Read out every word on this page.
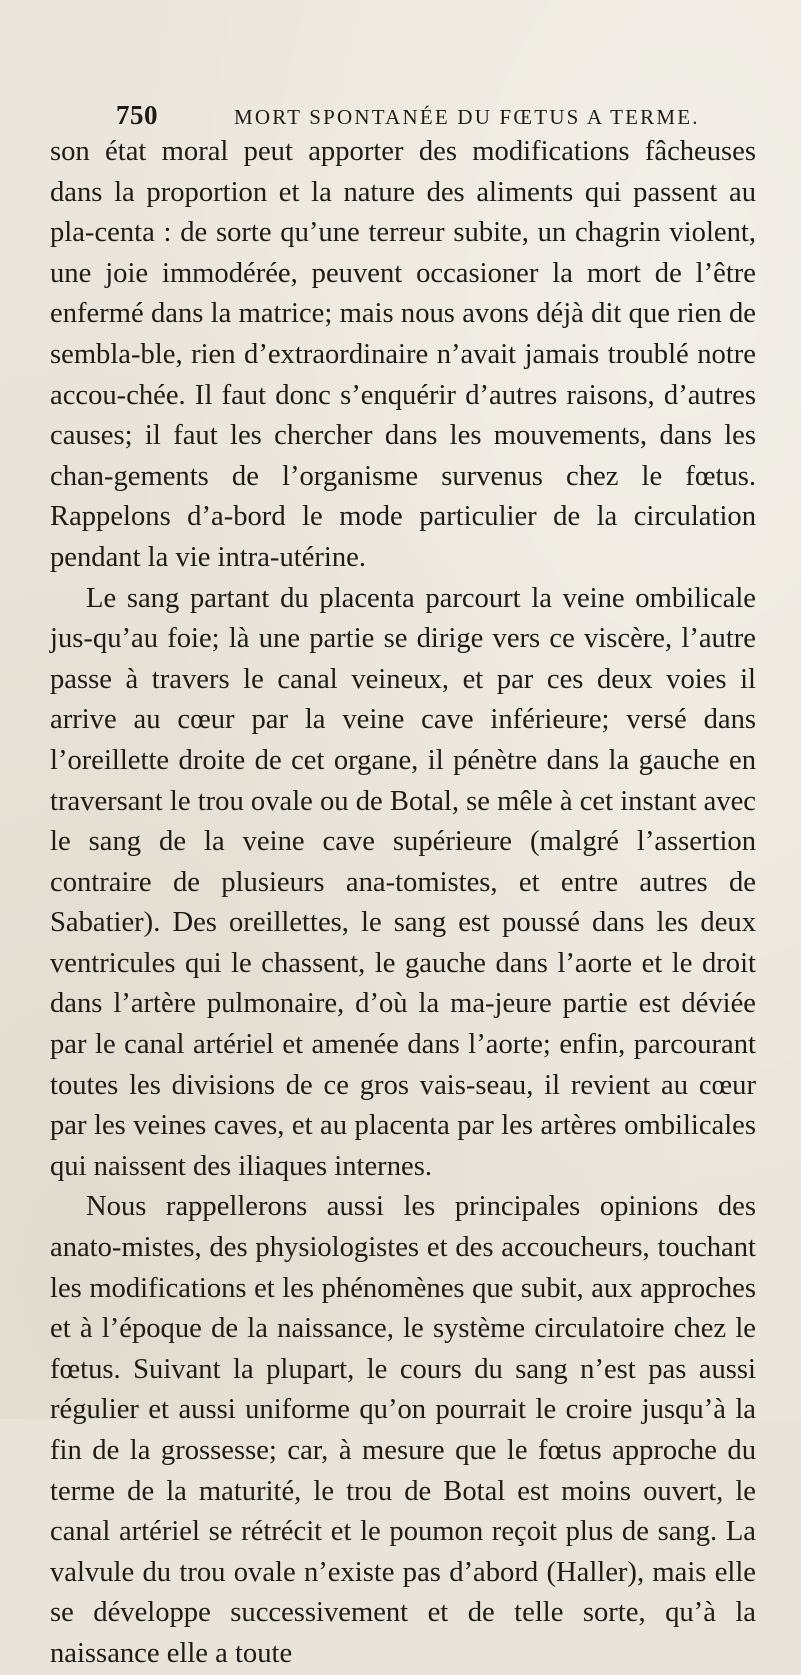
750	MORT SPONTANÉE DU FŒTUS A TERME.

son état moral peut apporter des modifications fâcheuses dans la proportion et la nature des aliments qui passent au pla-centa : de sorte qu’une terreur subite, un chagrin violent, une joie immodérée, peuvent occasioner la mort de l’être enfermé dans la matrice; mais nous avons déjà dit que rien de sembla-ble, rien d’extraordinaire n’avait jamais troublé notre accou-chée. Il faut donc s’enquérir d’autres raisons, d’autres causes; il faut les chercher dans les mouvements, dans les chan-gements de l’organisme survenus chez le fœtus. Rappelons d’a-bord le mode particulier de la circulation pendant la vie intra-utérine.

Le sang partant du placenta parcourt la veine ombilicale jus-qu’au foie; là une partie se dirige vers ce viscère, l’autre passe à travers le canal veineux, et par ces deux voies il arrive au cœur par la veine cave inférieure; versé dans l’oreillette droite de cet organe, il pénètre dans la gauche en traversant le trou ovale ou de Botal, se mêle à cet instant avec le sang de la veine cave supérieure (malgré l’assertion contraire de plusieurs ana-tomistes, et entre autres de Sabatier). Des oreillettes, le sang est poussé dans les deux ventricules qui le chassent, le gauche dans l’aorte et le droit dans l’artère pulmonaire, d’où la ma-jeure partie est déviée par le canal artériel et amenée dans l’aorte; enfin, parcourant toutes les divisions de ce gros vais-seau, il revient au cœur par les veines caves, et au placenta par les artères ombilicales qui naissent des iliaques internes.

Nous rappellerons aussi les principales opinions des anato-mistes, des physiologistes et des accoucheurs, touchant les modifications et les phénomènes que subit, aux approches et à l’époque de la naissance, le système circulatoire chez le fœtus. Suivant la plupart, le cours du sang n’est pas aussi régulier et aussi uniforme qu’on pourrait le croire jusqu’à la fin de la grossesse; car, à mesure que le fœtus approche du terme de la maturité, le trou de Botal est moins ouvert, le canal artériel se rétrécit et le poumon reçoit plus de sang. La valvule du trou ovale n’existe pas d’abord (Haller), mais elle se développe successivement et de telle sorte, qu’à la naissance elle a toute
